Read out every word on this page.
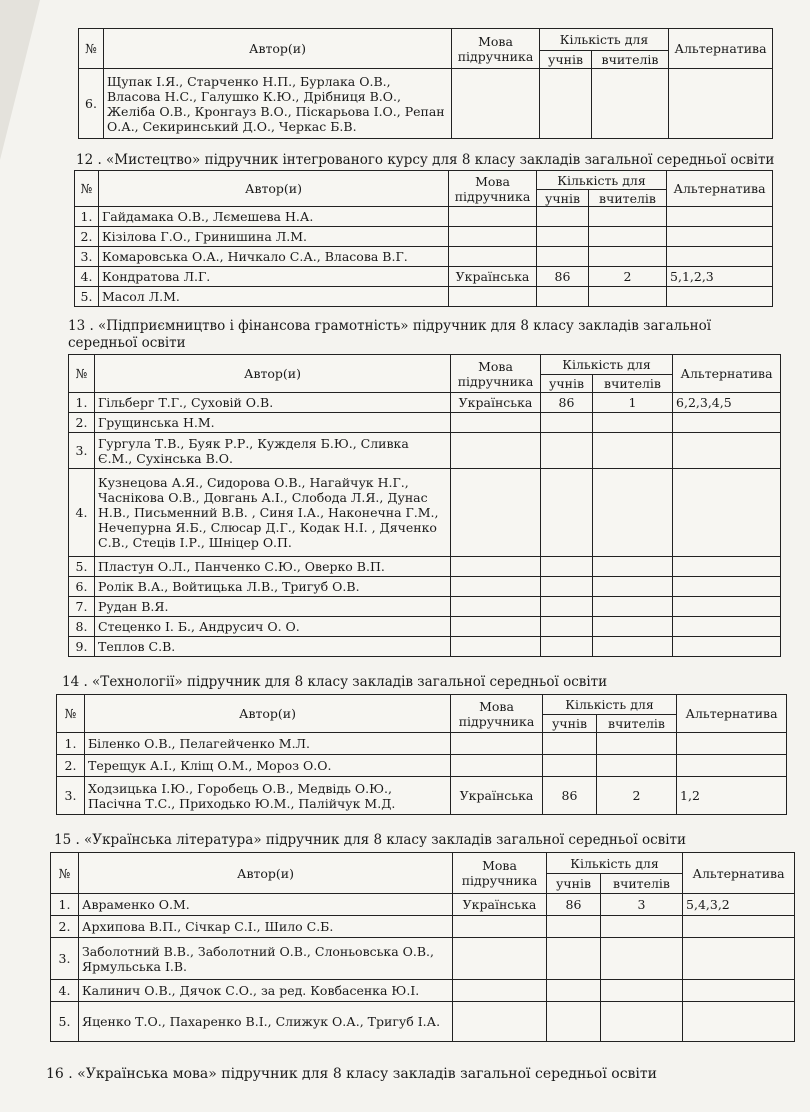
№	Автор(и)	Мова підручника	Кількість для		Альтернатива
			учнів	вчителів	
6.	Щупак І.Я., Старченко Н.П., Бурлака О.В., Власова Н.С., Галушко К.Ю., Дрібниця В.О., Желіба О.В., Кронгауз В.О., Піскарьова І.О., Репан О.А., Секиринський Д.О., Черкас Б.В.				
12 . «Мистецтво» підручник інтегрованого курсу для 8 класу закладів загальної середньої освіти
№	Автор(и)	Мова підручника	Кількість для		Альтернатива
			учнів	вчителів	
1.	Гайдамака О.В., Лємешева Н.А.				
2.	Кізілова Г.О., Гринишина Л.М.				
3.	Комаровська О.А., Ничкало С.А., Власова В.Г.				
4.	Кондратова Л.Г.	Українська	86	2	5,1,2,3
5.	Масол Л.М.				
13 . «Підприємництво і фінансова грамотність» підручник для 8 класу закладів загальної середньої освіти
№	Автор(и)	Мова підручника	Кількість для		Альтернатива
			учнів	вчителів	
1.	Гільберг Т.Г., Суховій О.В.	Українська	86	1	6,2,3,4,5
2.	Грущинська Н.М.				
3.	Гургула Т.В., Буяк Р.Р., Кужделя Б.Ю., Сливка Є.М., Сухінська В.О.				
4.	Кузнецова А.Я., Сидорова О.В., Нагайчук Н.Г., Часнікова О.В., Довгань А.І., Слобода Л.Я., Дунас Н.В., Письменний В.В. , Синя І.А., Наконечна Г.М., Нечепурна Я.Б., Слюсар Д.Г., Кодак Н.І. , Дяченко С.В., Стеців І.Р., Шніцер О.П.				
5.	Пластун О.Л., Панченко С.Ю., Оверко В.П.				
6.	Ролік В.А., Войтицька Л.В., Тригуб О.В.				
7.	Рудан В.Я.				
8.	Стеценко І. Б., Андрусич О. О.				
9.	Теплов С.В.				
14 . «Технології» підручник для 8 класу закладів загальної середньої освіти
№	Автор(и)	Мова підручника	Кількість для		Альтернатива
			учнів	вчителів	
1.	Біленко О.В., Пелагейченко М.Л.				
2.	Терещук А.І., Кліщ О.М., Мороз О.О.				
3.	Ходзицька І.Ю., Горобець О.В., Медвідь О.Ю., Пасічна Т.С., Приходько Ю.М., Палійчук М.Д.	Українська	86	2	1,2
15 . «Українська література» підручник для 8 класу закладів загальної середньої освіти
№	Автор(и)	Мова підручника	Кількість для		Альтернатива
			учнів	вчителів	
1.	Авраменко О.М.	Українська	86	3	5,4,3,2
2.	Архипова В.П., Січкар С.І., Шило С.Б.				
3.	Заболотний В.В., Заболотний О.В., Слоньовська О.В., Ярмульська І.В.				
4.	Калинич О.В., Дячок С.О., за ред. Ковбасенка Ю.І.				
5.	Яценко Т.О., Пахаренко В.І., Слижук О.А., Тригуб І.А.				
16 . «Українська мова» підручник для 8 класу закладів загальної середньої освіти
